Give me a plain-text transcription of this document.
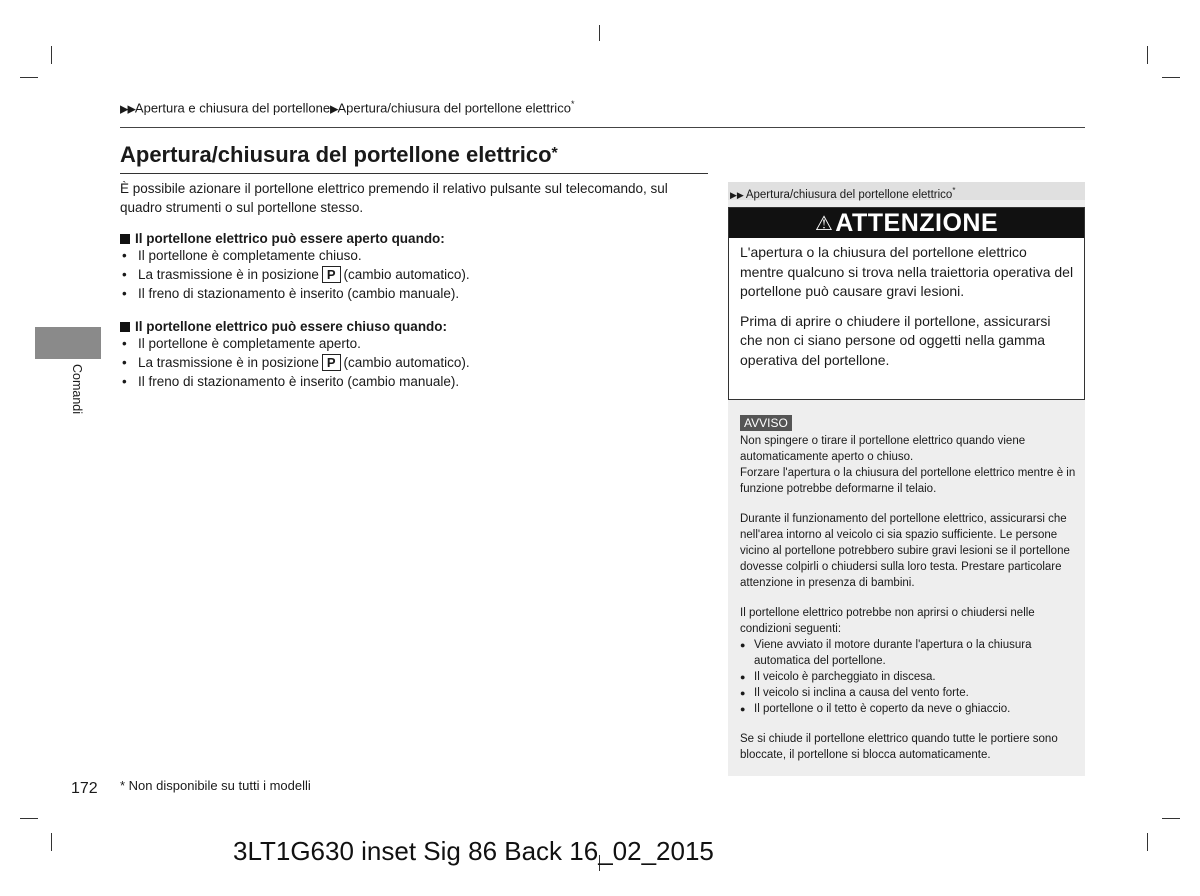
▶▶Apertura e chiusura del portellone▶Apertura/chiusura del portellone elettrico*
Apertura/chiusura del portellone elettrico*
È possibile azionare il portellone elettrico premendo il relativo pulsante sul telecomando, sul quadro strumenti o sul portellone stesso.
Il portellone elettrico può essere aperto quando:
• Il portellone è completamente chiuso.
• La trasmissione è in posizione P (cambio automatico).
• Il freno di stazionamento è inserito (cambio manuale).
Il portellone elettrico può essere chiuso quando:
• Il portellone è completamente aperto.
• La trasmissione è in posizione P (cambio automatico).
• Il freno di stazionamento è inserito (cambio manuale).
Comandi
172 * Non disponibile su tutti i modelli
▶▶ Apertura/chiusura del portellone elettrico*
⚠ATTENZIONE

L'apertura o la chiusura del portellone elettrico mentre qualcuno si trova nella traiettoria operativa del portellone può causare gravi lesioni.

Prima di aprire o chiudere il portellone, assicurarsi che non ci siano persone od oggetti nella gamma operativa del portellone.

AVVISO

Non spingere o tirare il portellone elettrico quando viene automaticamente aperto o chiuso.
Forzare l'apertura o la chiusura del portellone elettrico mentre è in funzione potrebbe deformarne il telaio.

Durante il funzionamento del portellone elettrico, assicurarsi che nell'area intorno al veicolo ci sia spazio sufficiente. Le persone vicino al portellone potrebbero subire gravi lesioni se il portellone dovesse colpirli o chiudersi sulla loro testa. Prestare particolare attenzione in presenza di bambini.

Il portellone elettrico potrebbe non aprirsi o chiudersi nelle condizioni seguenti:

● Viene avviato il motore durante l'apertura o la chiusura automatica del portellone.
● Il veicolo è parcheggiato in discesa.
● Il veicolo si inclina a causa del vento forte.
● Il portellone o il tetto è coperto da neve o ghiaccio.

Se si chiude il portellone elettrico quando tutte le portiere sono bloccate, il portellone si blocca automaticamente.

3LT1G630 inset Sig 86 Back 16_02_2015
